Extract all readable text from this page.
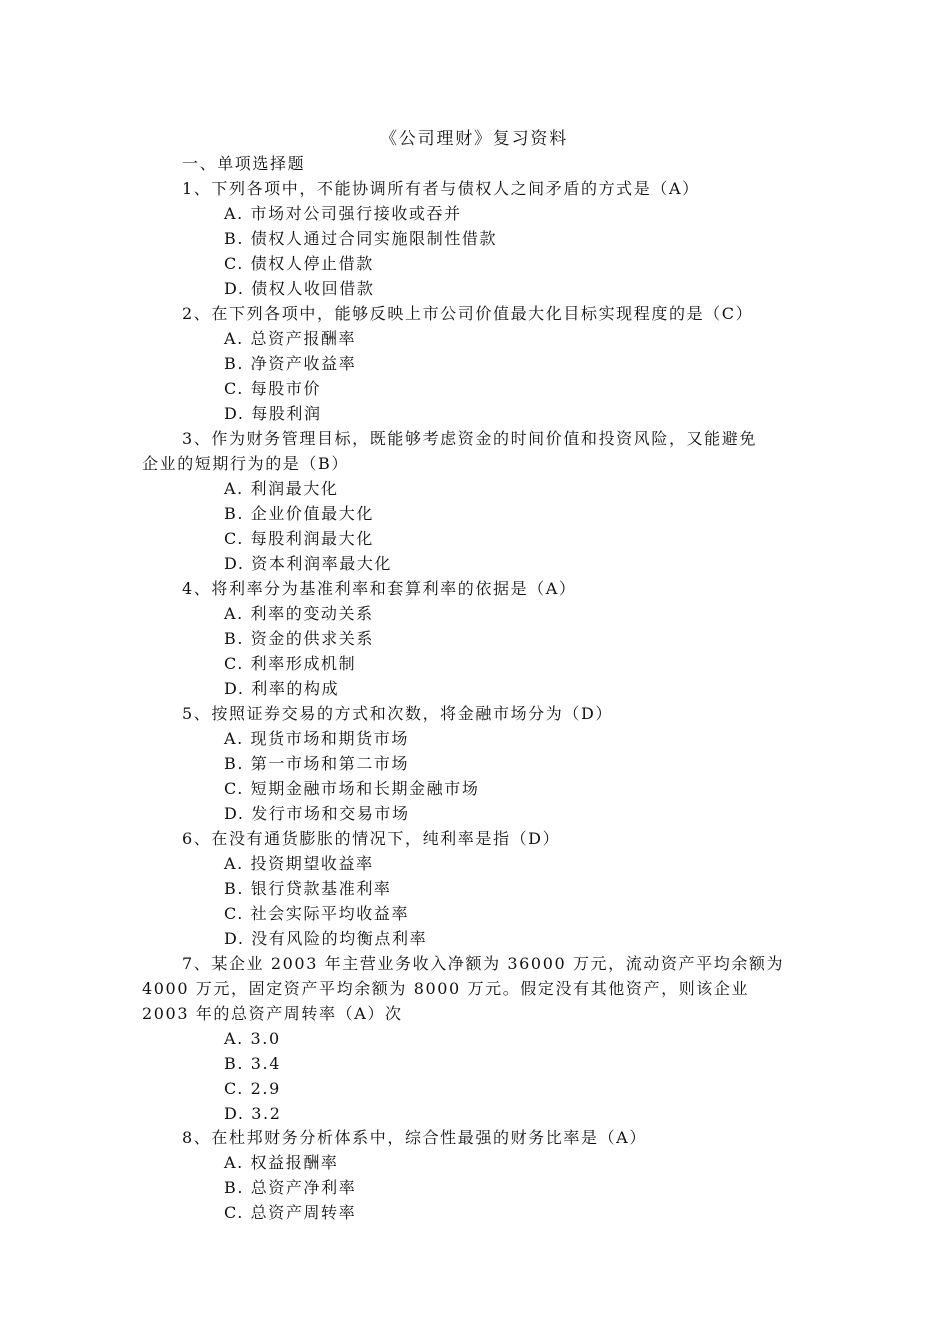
《公司理财》复习资料
一、单项选择题
1、下列各项中，不能协调所有者与债权人之间矛盾的方式是（A）
A. 市场对公司强行接收或吞并
B. 债权人通过合同实施限制性借款
C. 债权人停止借款
D. 债权人收回借款
2、在下列各项中，能够反映上市公司价值最大化目标实现程度的是（C）
A. 总资产报酬率
B. 净资产收益率
C. 每股市价
D. 每股利润
3、作为财务管理目标，既能够考虑资金的时间价值和投资风险，又能避免
企业的短期行为的是（B）
A. 利润最大化
B. 企业价值最大化
C. 每股利润最大化
D. 资本利润率最大化
4、将利率分为基准利率和套算利率的依据是（A）
A. 利率的变动关系
B. 资金的供求关系
C. 利率形成机制
D. 利率的构成
5、按照证券交易的方式和次数，将金融市场分为（D）
A. 现货市场和期货市场
B. 第一市场和第二市场
C. 短期金融市场和长期金融市场
D. 发行市场和交易市场
6、在没有通货膨胀的情况下，纯利率是指（D）
A. 投资期望收益率
B. 银行贷款基准利率
C. 社会实际平均收益率
D. 没有风险的均衡点利率
7、某企业 2003 年主营业务收入净额为 36000 万元，流动资产平均余额为
4000 万元，固定资产平均余额为 8000 万元。假定没有其他资产，则该企业
2003 年的总资产周转率（A）次
A. 3.0
B. 3.4
C. 2.9
D. 3.2
8、在杜邦财务分析体系中，综合性最强的财务比率是（A）
A. 权益报酬率
B. 总资产净利率
C. 总资产周转率
